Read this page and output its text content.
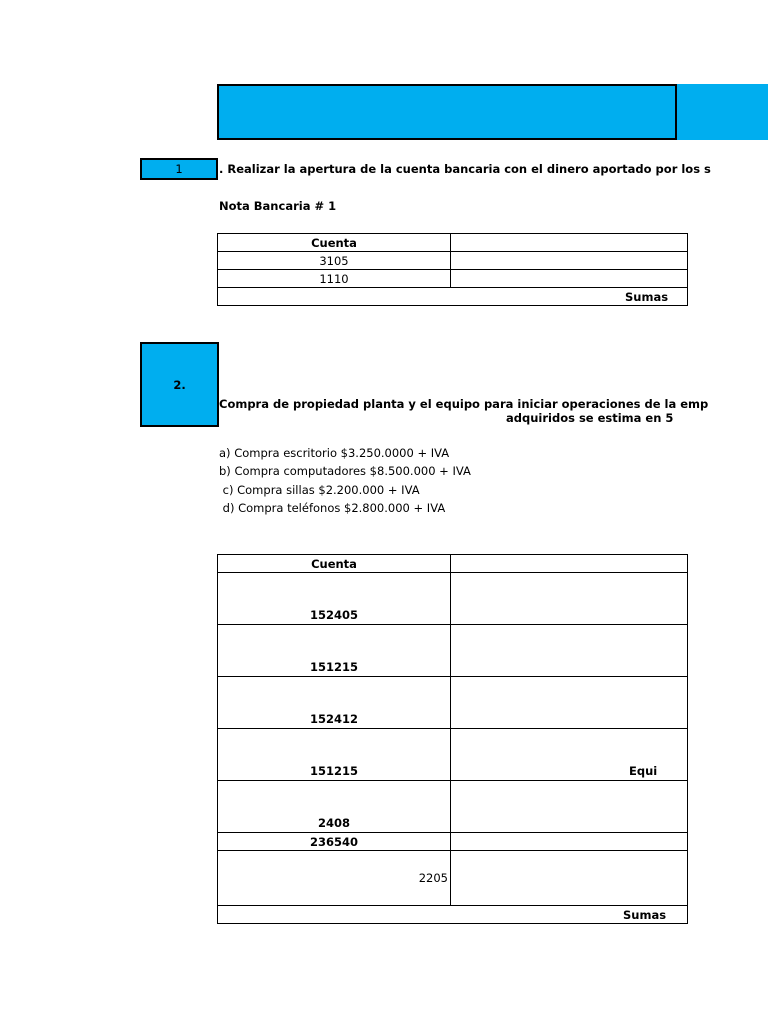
1	. Realizar la apertura de la cuenta bancaria con el dinero aportado por los s
Nota Bancaria # 1
Cuenta	
3105	
1110	
Sumas	
2.
Compra de propiedad planta y el equipo para iniciar operaciones de la emp
adquiridos se estima en 5
a) Compra escritorio $3.250.0000 + IVA
b) Compra computadores $8.500.000 + IVA
c) Compra sillas $2.200.000 + IVA
d) Compra teléfonos $2.800.000 + IVA
Cuenta	
152405	
151215	
152412	
151215	Equi
2408	
236540	
2205	
Sumas	
